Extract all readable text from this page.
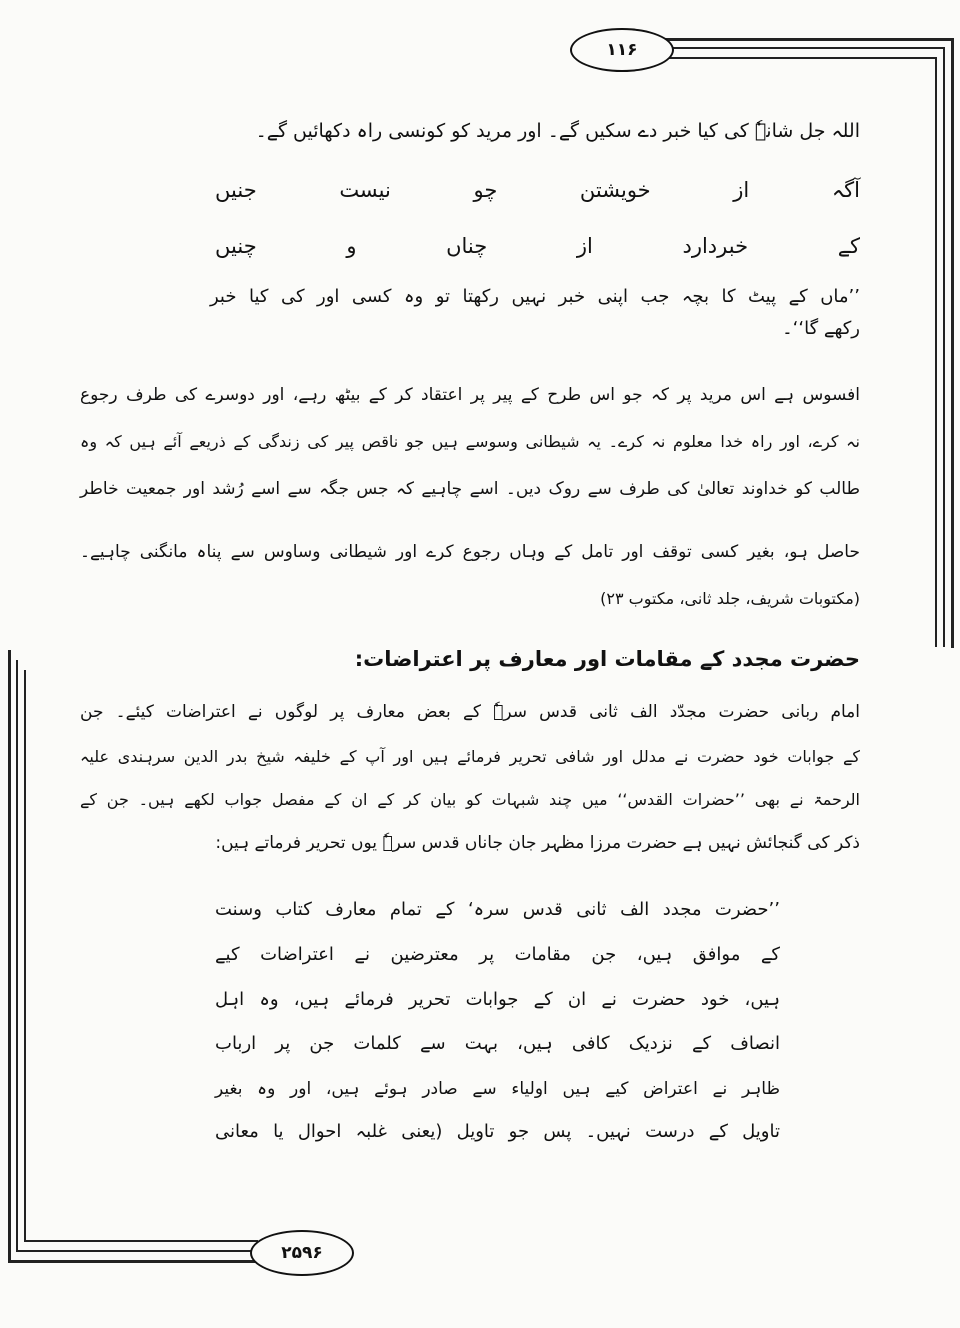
۱۱۶
۲۵۹۶
اللہ جل شانہٗ کی کیا خبر دے سکیں گے۔ اور مرید کو کونسی راہ دکھائیں گے۔
آگہ
از
خویشتن
چو
نیست
جنیں
کے
خبردارد
از
چناں
و
چنیں
’’ماں کے پیٹ کا بچہ جب اپنی خبر نہیں رکھتا تو وہ کسی اور کی کیا خبر
رکھے گا‘‘۔
افسوس ہے اس مرید پر کہ جو اس طرح کے پیر پر اعتقاد کر کے بیٹھ رہے، اور دوسرے کی طرف رجوع
نہ کرے، اور راہ خدا معلوم نہ کرے۔ یہ شیطانی وسوسے ہیں جو ناقص پیر کی زندگی کے ذریعے آئے ہیں کہ وہ
طالب کو خداوند تعالیٰ کی طرف سے روک دیں۔ اسے چاہیے کہ جس جگہ سے اسے رُشد اور جمعیت خاطر
حاصل ہو، بغیر کسی توقف اور تامل کے وہاں رجوع کرے اور شیطانی وساوس سے پناہ مانگنی چاہیے۔
(مکتوبات شریف، جلد ثانی، مکتوب ۲۳)
حضرت مجدد کے مقامات اور معارف پر اعتراضات:
امام ربانی حضرت مجدّد الف ثانی قدس سرہٗ کے بعض معارف پر لوگوں نے اعتراضات کیئے۔ جن
کے جوابات خود حضرت نے مدلل اور شافی تحریر فرمائے ہیں اور آپ کے خلیفہ شیخ بدر الدین سرہندی علیہ
الرحمۃ نے بھی ’’حضرات القدس‘‘ میں چند شبہات کو بیان کر کے ان کے مفصل جواب لکھے ہیں۔ جن کے
ذکر کی گنجائش نہیں ہے حضرت مرزا مظہر جان جاناں قدس سرہٗ یوں تحریر فرماتے ہیں:
’’حضرت مجدد الف ثانی قدس سرہ‘ کے تمام معارف کتاب وسنت
کے موافق ہیں، جن مقامات پر معترضین نے اعتراضات کیے
ہیں، خود حضرت نے ان کے جوابات تحریر فرمائے ہیں، وہ اہل
انصاف کے نزدیک کافی ہیں، بہت سے کلمات جن پر ارباب
ظاہر نے اعتراض کیے ہیں اولیاء سے صادر ہوئے ہیں، اور وہ بغیر
تاویل کے درست نہیں۔ پس جو تاویل (یعنی غلبہ احوال یا معانی
